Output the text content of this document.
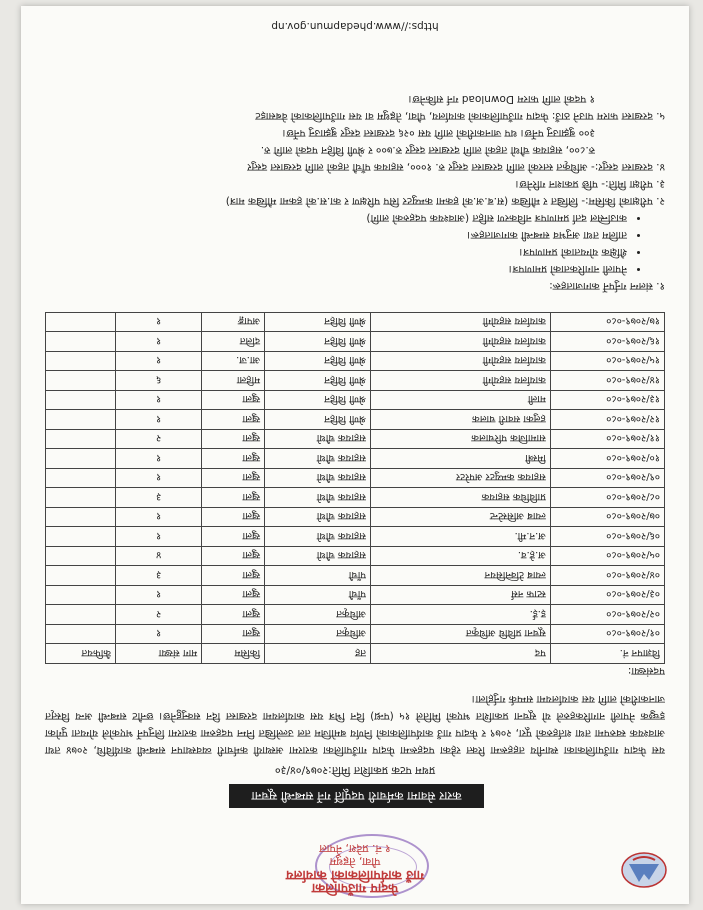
फेदाप गाउँपालिका
गाउँ कार्यपालिकाको कार्यालय
पौवा, तेह्रथुम
१ नं. प्रदेश, नेपाल
करार सेवामा कर्मचारी पदपूर्ति गर्ने सम्बन्धी सूचना
प्रथम पटक प्रकाशित मिति:२०७९/०४/३०
यस फेदाप गाउँपालिकाका स्थानीय तहहरूमा रिक्त रहेका पदहरूमा फेदाप गाउँपालिका करारमा अस्थायी कर्मचारी व्यवस्थापन सम्बन्धी कार्यविधि, २०७४ तथा आवश्यक स्वरुपमा तथा शर्तहरुको पूरा, २०७९ र फेदाप गाउँ कार्यपालिकाको निर्णय बमोजिम तल उल्लेखित निम्न पदहरुमा करारमा लिनुपर्ने भएकोले योग्यता पुगेका इच्छुक नेपाली नागरिकहरुले यो सूचना प्रकाशित भएको मितिले १५ (पन्ध्र) दिन भित्र यस कार्यालयमा दरखास्त दिन सक्नुहुनेछ। छनौट सम्बन्धी अन्य विस्तृत जानकारीको लागि यस कार्यालयमा सम्पर्क गर्नुहोला।
पदसंख्या:
विज्ञापन नं.	पद	तह	किसिम	माग संख्या	कैफियत
०१/२०७९-०८०	सूचना प्रविधि अधिकृत	अधिकृत	खुला	१	
०२/२०७९-०८०	इ.ई.	अधिकृत	खुला	२	
०३/२०७९-०८०	स्टाफ नर्स	पाँचौ	खुला	१	
०४/२०७९-०८०	ल्याब टेक्निसियन	पाँचौ	खुला	३	
०५/२०७९-०८०	अ.हे.व.	सहायक चौथो	खुला	४	
०६/२०७९-०८०	अ.न.मी.	सहायक चौथो	खुला	१	
०७/२०७९-०८०	ल्याब असिस्टेन्ट	सहायक चौथो	खुला	१	
०८/२०७९-०८०	प्राविधिक सहायक	सहायक चौथो	खुला	३	
०९/२०७९-०८०	सहायक कम्प्युटर अपरेटर	सहायक चौथो	खुला	१	
१०/२०७९-०८०	मिस्त्री	सहायक चौथो	खुला	१	
११/२०७९-०८०	सामाजिक परिचालक	सहायक चौथो	खुला	२	
१२/२०७९-०८०	हलुका सवारी चालक	श्रेणी विहिन	खुला	१	
१३/२०७९-०८०	माली	श्रेणी विहिन	खुला	१	
१४/२०७९-०८०	कार्यालय सहयोगी	श्रेणी विहिन	महिला	६	
१५/२०७९-०८०	कार्यालय सहयोगी	श्रेणी विहिन	आ.ज.	१	
१६/२०७९-०८०	कार्यालय सहयोगी	श्रेणी विहिन	दलित	१	
१७/२०७९-०८०	कार्यालय सहयोगी	श्रेणी विहिन	अपाङ्ग	१	

१. संलग्न गर्नुपर्ने कागजातहरू:

• नेपाली नागरिकताको प्रमाणपत्र।
• शैक्षिक योग्यताको प्रमाणपत्र।
• तालिम तथा अनुभव सम्बन्धी कागजातहरू।
• काउन्सिल दर्ता प्रमाणपत्र नविकरण सहित (आवश्यक पदहरुको लागि)

२. परीक्षाको किसिम:- लिखित र मौखिक (स.ब.अ.को हकमा कम्प्युटर सिप परिक्षण र का.स.को हकमा मौखिक मात्र)

३. परीक्षा मिति:- पछि प्रकाशन गरिनेछ।

४. दरखास्त दस्तुर:- अधिकृत स्तरको लागि दरखास्त दस्तुर रु. १०००, सहायक पाँचौ तहको लागि दरखास्त दस्तुर

रु.८००, सहायक चौथो तहको लागि दरखास्त दस्तुर रु.७०० र श्रेणी विहिन पदको लागि रु.

३०० बुझाउनु पर्नेछ। थप जानकारीको लागि यस ०२६ दरखास्त दस्तुर बुझाउनु पर्नेछ।

५. दरखास्त फारम पाउने ठाउँ: फेदाप गाउँपालिकाको कार्यालय, पौवा, तेह्रथुम वा यस गाउँपालिकाको वेबसाइट

१ पदको लागि फारम Download गर्न सकिनेछ।

https://www.phedapmun.gov.np
